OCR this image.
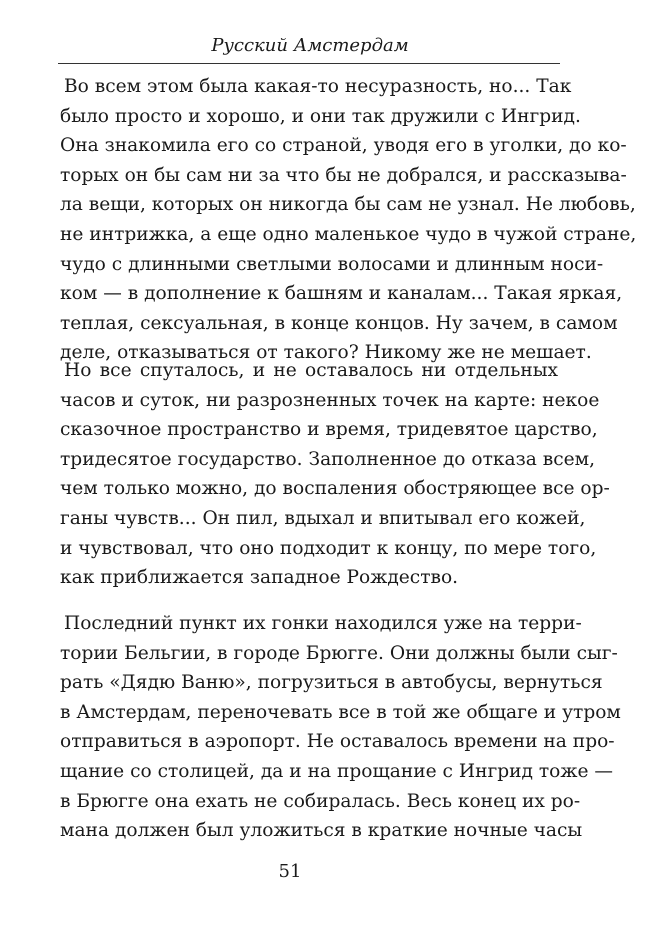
Русский Амстердам
Во всем этом была какая-то несуразность, но... Так
было просто и хорошо, и они так дружили с Ингрид.
Она знакомила его со страной, уводя его в уголки, до ко-
торых он бы сам ни за что бы не добрался, и рассказыва-
ла вещи, которых он никогда бы сам не узнал. Не любовь,
не интрижка, а еще одно маленькое чудо в чужой стране,
чудо с длинными светлыми волосами и длинным носи-
ком — в дополнение к башням и каналам... Такая яркая,
теплая, сексуальная, в конце концов. Ну зачем, в самом
деле, отказываться от такого? Никому же не мешает.
Но все спуталось, и не оставалось ни отдельных
часов и суток, ни разрозненных точек на карте: некое
сказочное пространство и время, тридевятое царство,
тридесятое государство. Заполненное до отказа всем,
чем только можно, до воспаления обостряющее все ор-
ганы чувств... Он пил, вдыхал и впитывал его кожей,
и чувствовал, что оно подходит к концу, по мере того,
как приближается западное Рождество.
Последний пункт их гонки находился уже на терри-
тории Бельгии, в городе Брюгге. Они должны были сыг-
рать «Дядю Ваню», погрузиться в автобусы, вернуться
в Амстердам, переночевать все в той же общаге и утром
отправиться в аэропорт. Не оставалось времени на про-
щание со столицей, да и на прощание с Ингрид тоже —
в Брюгге она ехать не собиралась. Весь конец их ро-
мана должен был уложиться в краткие ночные часы
51
